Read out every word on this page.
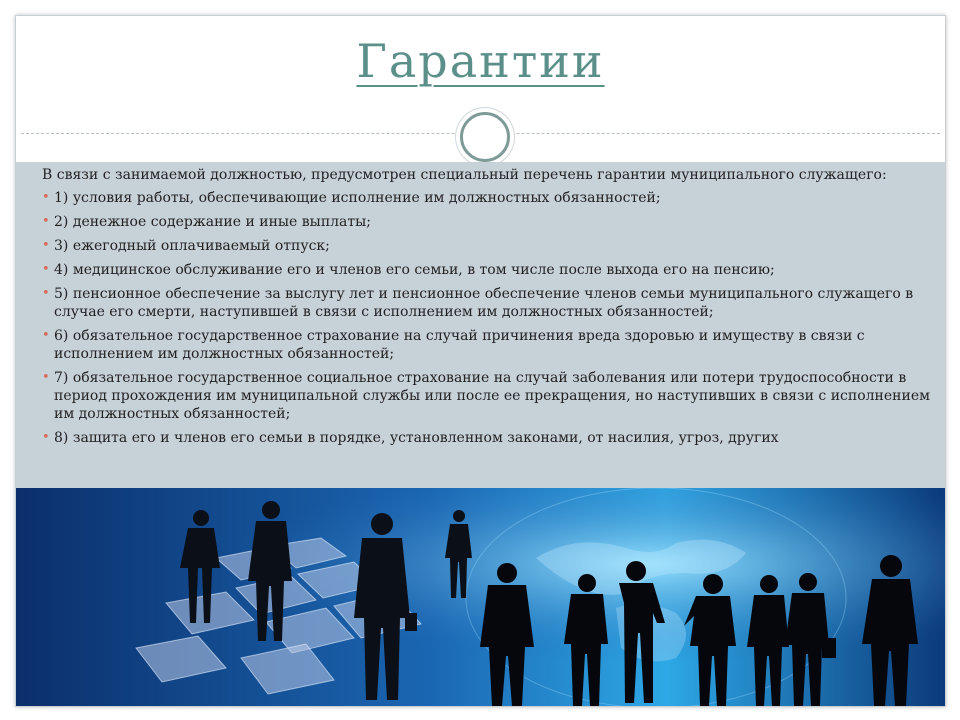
Гарантии

В связи с занимаемой должностью, предусмотрен специальный перечень гарантии муниципального служащего:

• 1) условия работы, обеспечивающие исполнение им должностных обязанностей;
• 2) денежное содержание и иные выплаты;
• 3) ежегодный оплачиваемый отпуск;
• 4) медицинское обслуживание его и членов его семьи, в том числе после выхода его на пенсию;
• 5) пенсионное обеспечение за выслугу лет и пенсионное обеспечение членов семьи муниципального служащего в случае его смерти, наступившей в связи с исполнением им должностных обязанностей;
• 6) обязательное государственное страхование на случай причинения вреда здоровью и имуществу в связи с исполнением им должностных обязанностей;
• 7) обязательное государственное социальное страхование на случай заболевания или потери трудоспособности в период прохождения им муниципальной службы или после ее прекращения, но наступивших в связи с исполнением им должностных обязанностей;
• 8) защита его и членов его семьи в порядке, установленном законами, от насилия, угроз, других
